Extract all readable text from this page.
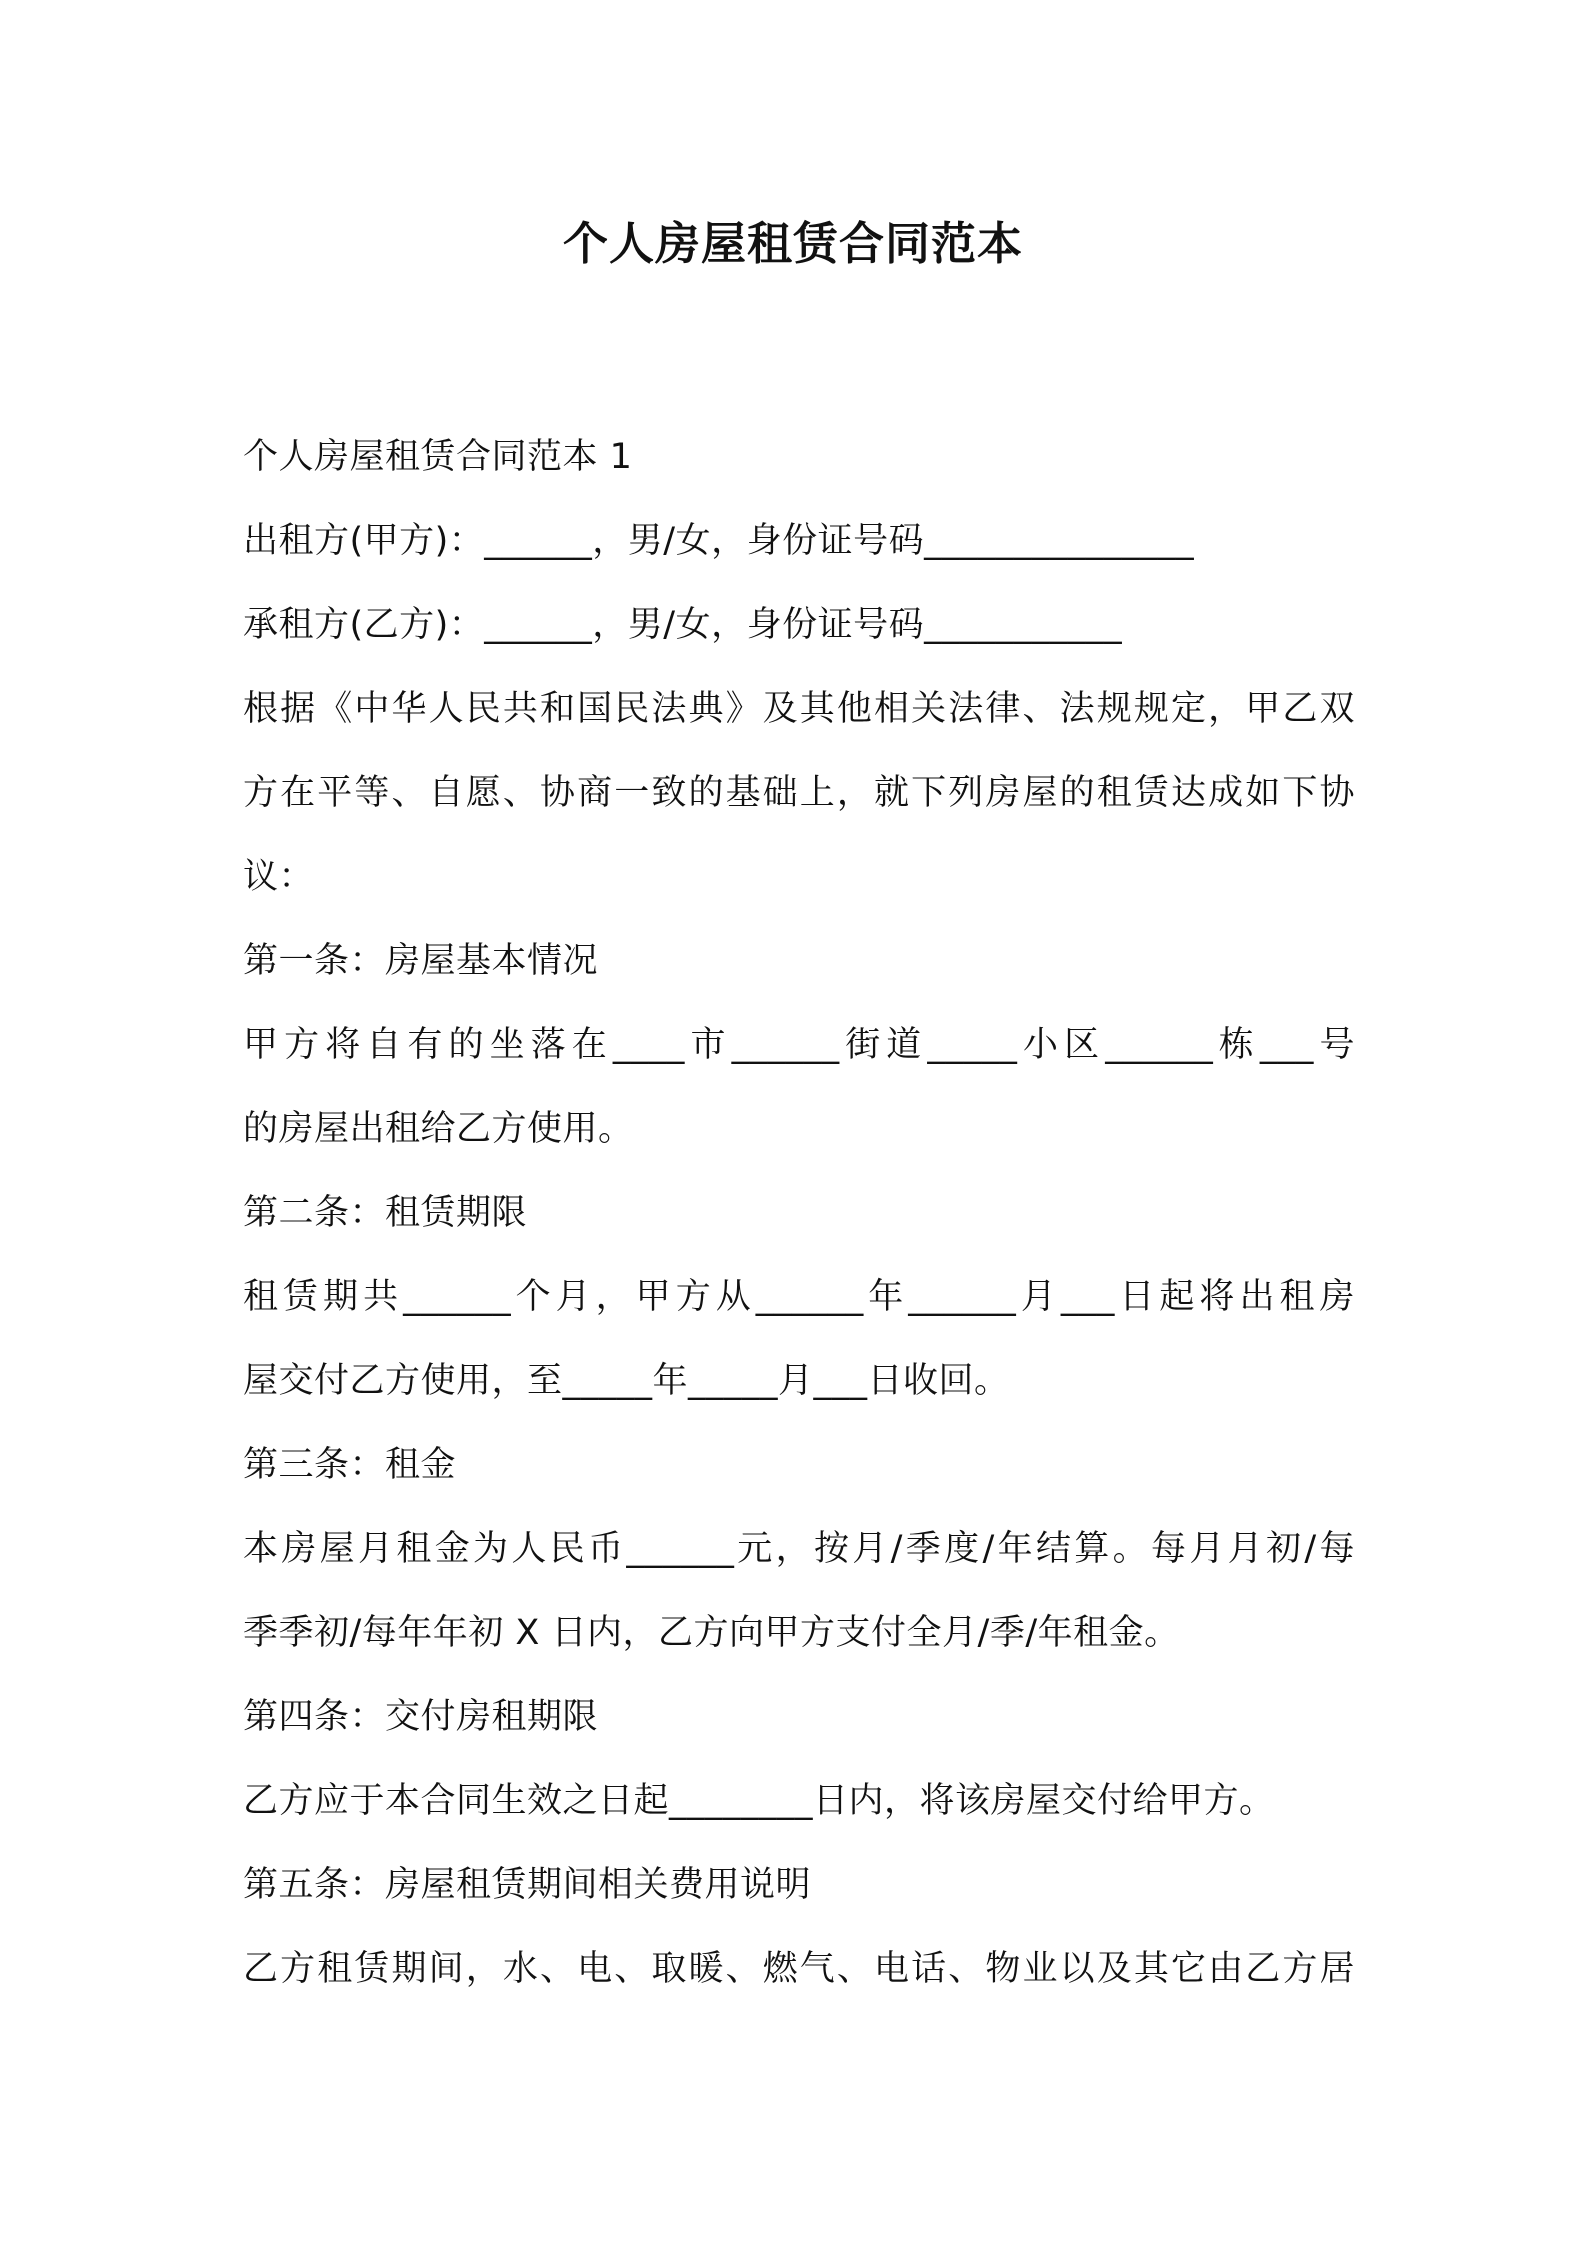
个人房屋租赁合同范本
个人房屋租赁合同范本 1
出租方(甲方)：______，男/女，身份证号码_______________
承租方(乙方)：______，男/女，身份证号码___________
根据《中华人民共和国民法典》及其他相关法律、法规规定，甲乙双
方在平等、自愿、协商一致的基础上，就下列房屋的租赁达成如下协
议：
第一条：房屋基本情况
甲方将自有的坐落在____市______街道_____小区______栋___号
的房屋出租给乙方使用。
第二条：租赁期限
租赁期共______个月，甲方从______年______月___日起将出租房
屋交付乙方使用，至_____年_____月___日收回。
第三条：租金
本房屋月租金为人民币______元，按月/季度/年结算。每月月初/每
季季初/每年年初 X 日内，乙方向甲方支付全月/季/年租金。
第四条：交付房租期限
乙方应于本合同生效之日起________日内，将该房屋交付给甲方。
第五条：房屋租赁期间相关费用说明
乙方租赁期间，水、电、取暖、燃气、电话、物业以及其它由乙方居
